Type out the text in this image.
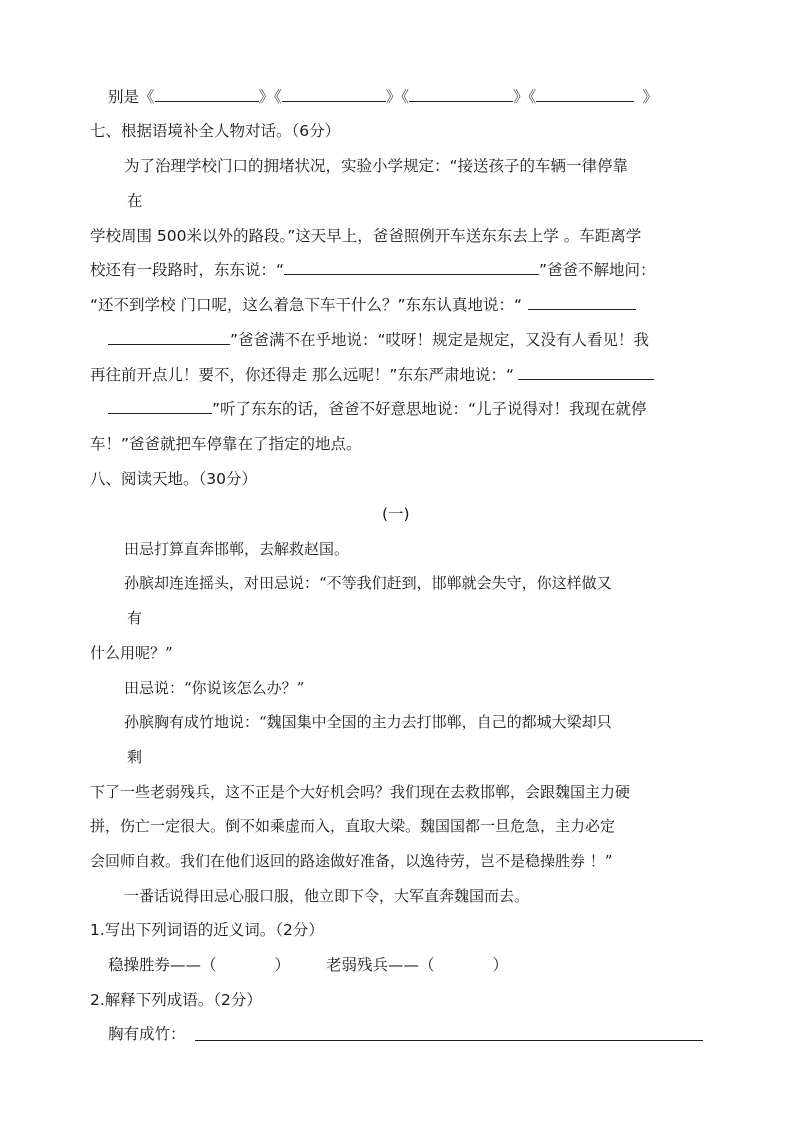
别是《	》《	》《	》《	》
七、根据语境补全人物对话。（6分）
为了治理学校门口的拥堵状况，实验小学规定：“接送孩子的车辆一律停靠
在
学校周围 500米以外的路段。”这天早上，爸爸照例开车送东东去上学 。车距离学
校还有一段路时，东东说：“	”爸爸不解地问：
“还不到学校 门口呢，这么着急下车干什么？”东东认真地说：“
”爸爸满不在乎地说：“哎呀！规定是规定，又没有人看见！我
再往前开点儿！要不，你还得走 那么远呢！”东东严肃地说：“
”听了东东的话，爸爸不好意思地说：“儿子说得对！我现在就停
车！”爸爸就把车停靠在了指定的地点。
八、阅读天地。（30分）
(一)
田忌打算直奔邯郸，去解救赵国。
孙膑却连连摇头，对田忌说：“不等我们赶到，邯郸就会失守，你这样做又
有
什么用呢？”
田忌说：“你说该怎么办？”
孙膑胸有成竹地说：“魏国集中全国的主力去打邯郸，自己的都城大梁却只
剩
下了一些老弱残兵，这不正是个大好机会吗？我们现在去救邯郸，会跟魏国主力硬
拼，伤亡一定很大。倒不如乘虚而入，直取大梁。魏国国都一旦危急，主力必定
会回师自救。我们在他们返回的路途做好准备，以逸待劳，岂不是稳操胜券 ！”
一番话说得田忌心服口服，他立即下令，大军直奔魏国而去。
1.写出下列词语的近义词。（2分）
稳操胜券——（	） 老弱残兵——（	）
2.解释下列成语。（2分）
胸有成竹：
